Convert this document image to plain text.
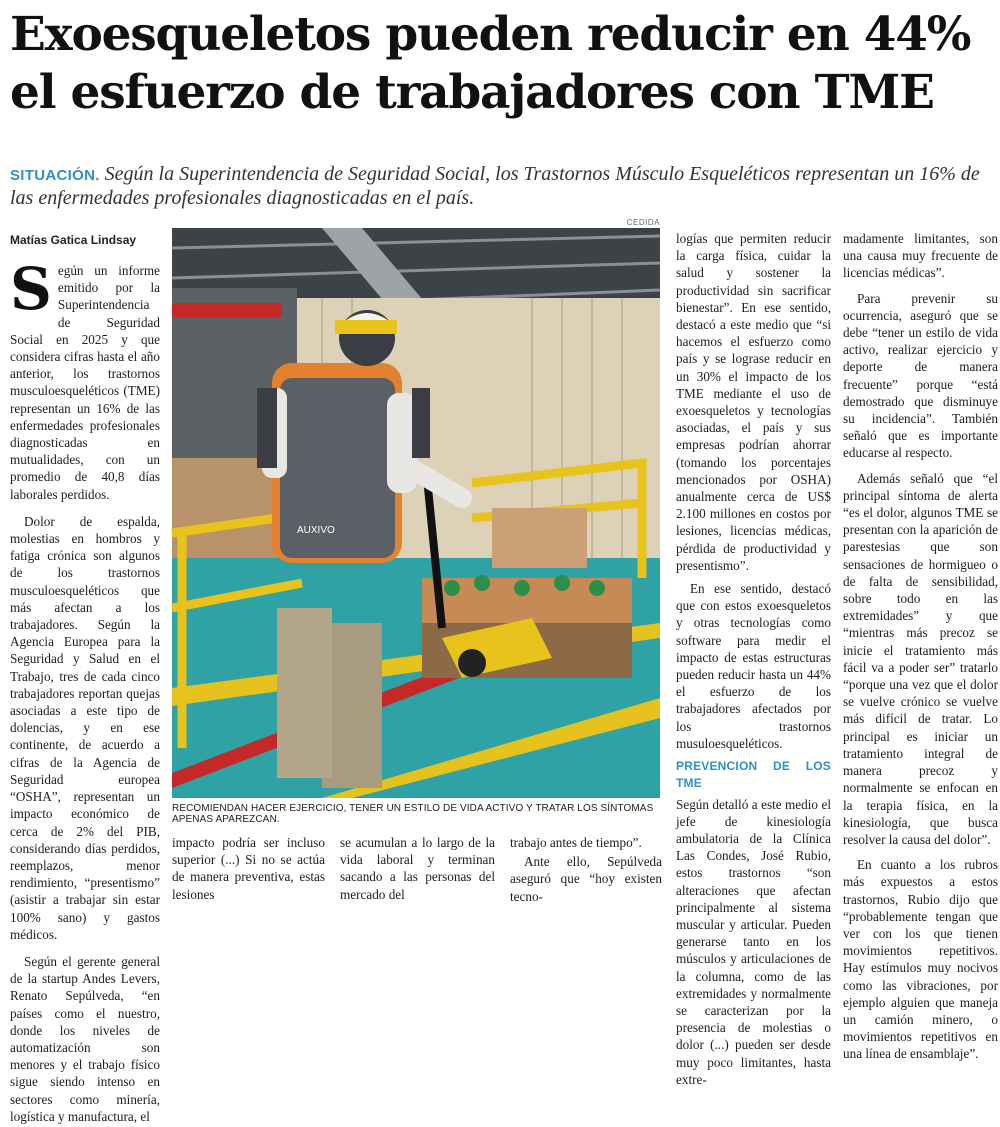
Exoesqueletos pueden reducir en 44%
el esfuerzo de trabajadores con TME
SITUACIÓN. Según la Superintendencia de Seguridad Social, los Trastornos Músculo Esqueléticos representan un 16% de las enfermedades profesionales diagnosticadas en el país.
Matías Gatica Lindsay
CEDIDA

Según un informe emitido por la Superintendencia de Seguridad Social en 2025 y que considera cifras hasta el año anterior, los trastornos musculoesqueléticos (TME) representan un 16% de las enfermedades profesionales diagnosticadas en mutualidades, con un promedio de 40,8 días laborales perdidos.

Dolor de espalda, molestias en hombros y fatiga crónica son algunos de los trastornos musculoesqueléticos que más afectan a los trabajadores. Según la Agencia Europea para la Seguridad y Salud en el Trabajo, tres de cada cinco trabajadores reportan quejas asociadas a este tipo de dolencias, y en ese continente, de acuerdo a cifras de la Agencia de Seguridad europea “OSHA”, representan un impacto económico de cerca de 2% del PIB, considerando días perdidos, reemplazos, menor rendimiento, “presentismo” (asistir a trabajar sin estar 100% sano) y gastos médicos.

Según el gerente general de la startup Andes Levers, Renato Sepúlveda, “en países como el nuestro, donde los niveles de automatización son menores y el trabajo físico sigue siendo intenso en sectores como minería, logística y manufactura, el

AUXIVO
RECOMIENDAN HACER EJERCICIO, TENER UN ESTILO DE VIDA ACTIVO Y TRATAR LOS SÍNTOMAS APENAS APAREZCAN.

impacto podría ser incluso superior (...) Si no se actúa de manera preventiva, estas lesiones

se acumulan a lo largo de la vida laboral y terminan sacando a las personas del mercado del

logías que permiten reducir la carga física, cuidar la salud y sostener la productividad sin sacrificar bienestar”. En ese sentido, destacó a este medio que “si hacemos el esfuerzo como país y se lograse reducir en un 30% el impacto de los TME mediante el uso de exoesqueletos y tecnologías asociadas, el país y sus empresas podrían ahorrar (tomando los porcentajes mencionados por OSHA) anualmente cerca de US$ 2.100 millones en costos por lesiones, licencias médicas, pérdida de productividad y presentismo”.

En ese sentido, destacó que con estos exoesqueletos y otras tecnologías como software para medir el impacto de estas estructuras pueden reducir hasta un 44% el esfuerzo de los trabajadores afectados por los trastornos musuloesqueléticos.

PREVENCION DE LOS TME

Según detalló a este medio el jefe de kinesiología ambulatoria de la Clínica Las Condes, José Rubio, estos trastornos “son alteraciones que afectan principalmente al sistema muscular y articular. Pueden generarse tanto en los músculos y articulaciones de la columna, como de las extremidades y normalmente se caracterizan por la presencia de molestias o dolor (...) pueden ser desde muy poco limitantes, hasta extre-

trabajo antes de tiempo”.

Ante ello, Sepúlveda aseguró que “hoy existen tecno-

madamente limitantes, son una causa muy frecuente de licencias médicas”.

Para prevenir su ocurrencia, aseguró que se debe “tener un estilo de vida activo, realizar ejercicio y deporte de manera frecuente” porque “está demostrado que disminuye su incidencia”. También señaló que es importante educarse al respecto.

Además señaló que “el principal síntoma de alerta “es el dolor, algunos TME se presentan con la aparición de parestesias que son sensaciones de hormigueo o de falta de sensibilidad, sobre todo en las extremidades” y que “mientras más precoz se inicie el tratamiento más fácil va a poder ser” tratarlo “porque una vez que el dolor se vuelve crónico se vuelve más difícil de tratar. Lo principal es iniciar un tratamiento integral de manera precoz y normalmente se enfocan en la terapia física, en la kinesiología, que busca resolver la causa del dolor”.

En cuanto a los rubros más expuestos a estos trastornos, Rubio dijo que “probablemente tengan que ver con los que tienen movimientos repetitivos. Hay estímulos muy nocivos como las vibraciones, por ejemplo alguien que maneja un camión minero, o movimientos repetitivos en una línea de ensamblaje”.
